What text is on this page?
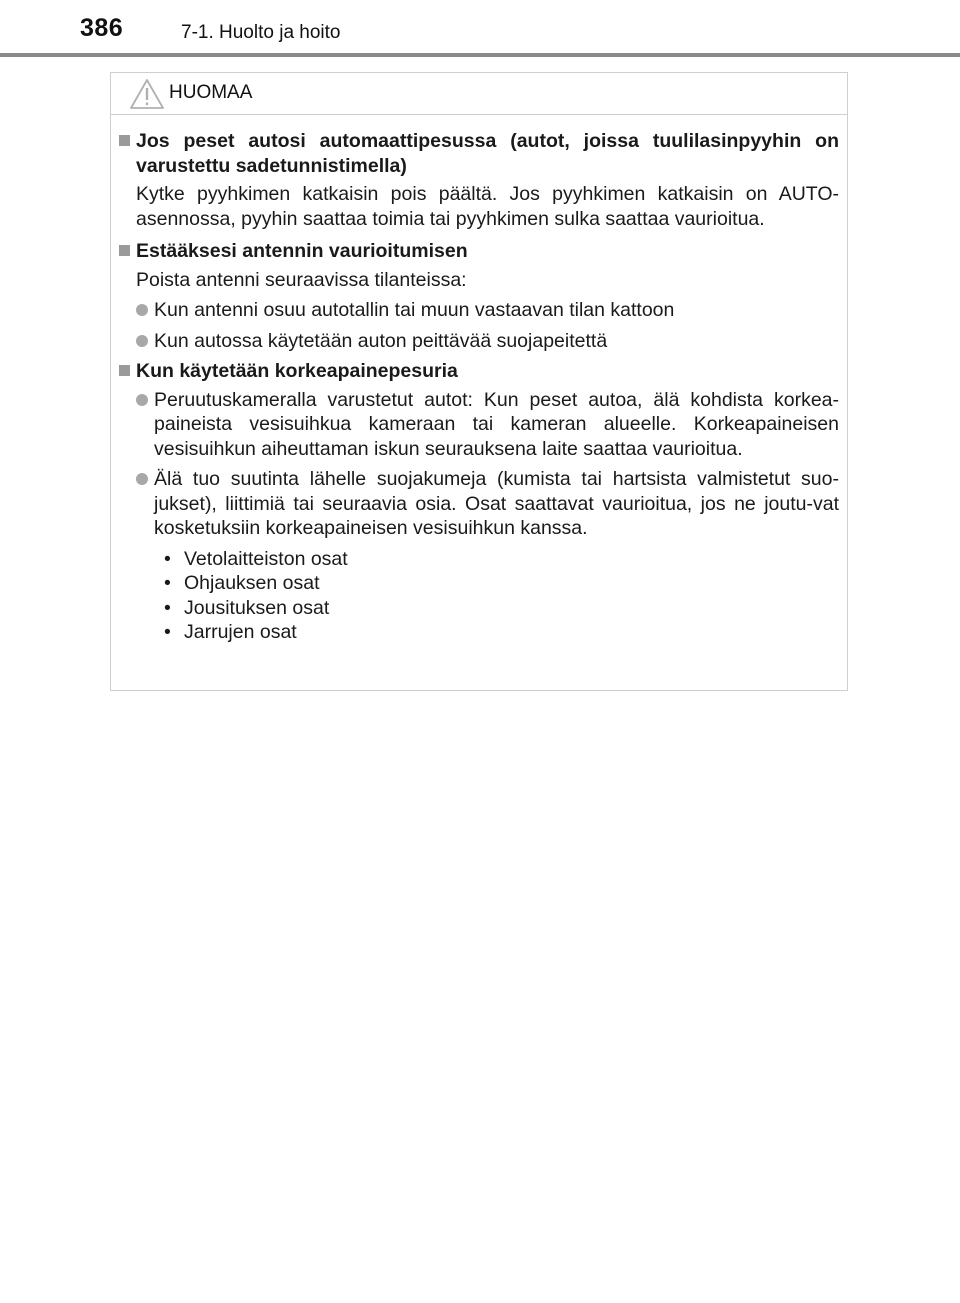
386	7-1. Huolto ja hoito
HUOMAA
Jos peset autosi automaattipesussa (autot, joissa tuulilasinpyyhin on varustettu sadetunnistimella)
Kytke pyyhkimen katkaisin pois päältä. Jos pyyhkimen katkaisin on AUTO-asennossa, pyyhin saattaa toimia tai pyyhkimen sulka saattaa vaurioitua.
Estääksesi antennin vaurioitumisen
Poista antenni seuraavissa tilanteissa:
Kun antenni osuu autotallin tai muun vastaavan tilan kattoon
Kun autossa käytetään auton peittävää suojapeitettä
Kun käytetään korkeapainepesuria
Peruutuskameralla varustetut autot: Kun peset autoa, älä kohdista korkea-paineista vesisuihkua kameraan tai kameran alueelle. Korkeapaineisen vesisuihkun aiheuttaman iskun seurauksena laite saattaa vaurioitua.
Älä tuo suutinta lähelle suojakumeja (kumista tai hartsista valmistetut suo-jukset), liittimiä tai seuraavia osia. Osat saattavat vaurioitua, jos ne joutu-vat kosketuksiin korkeapaineisen vesisuihkun kanssa.
• Vetolaitteiston osat
• Ohjauksen osat
• Jousituksen osat
• Jarrujen osat
